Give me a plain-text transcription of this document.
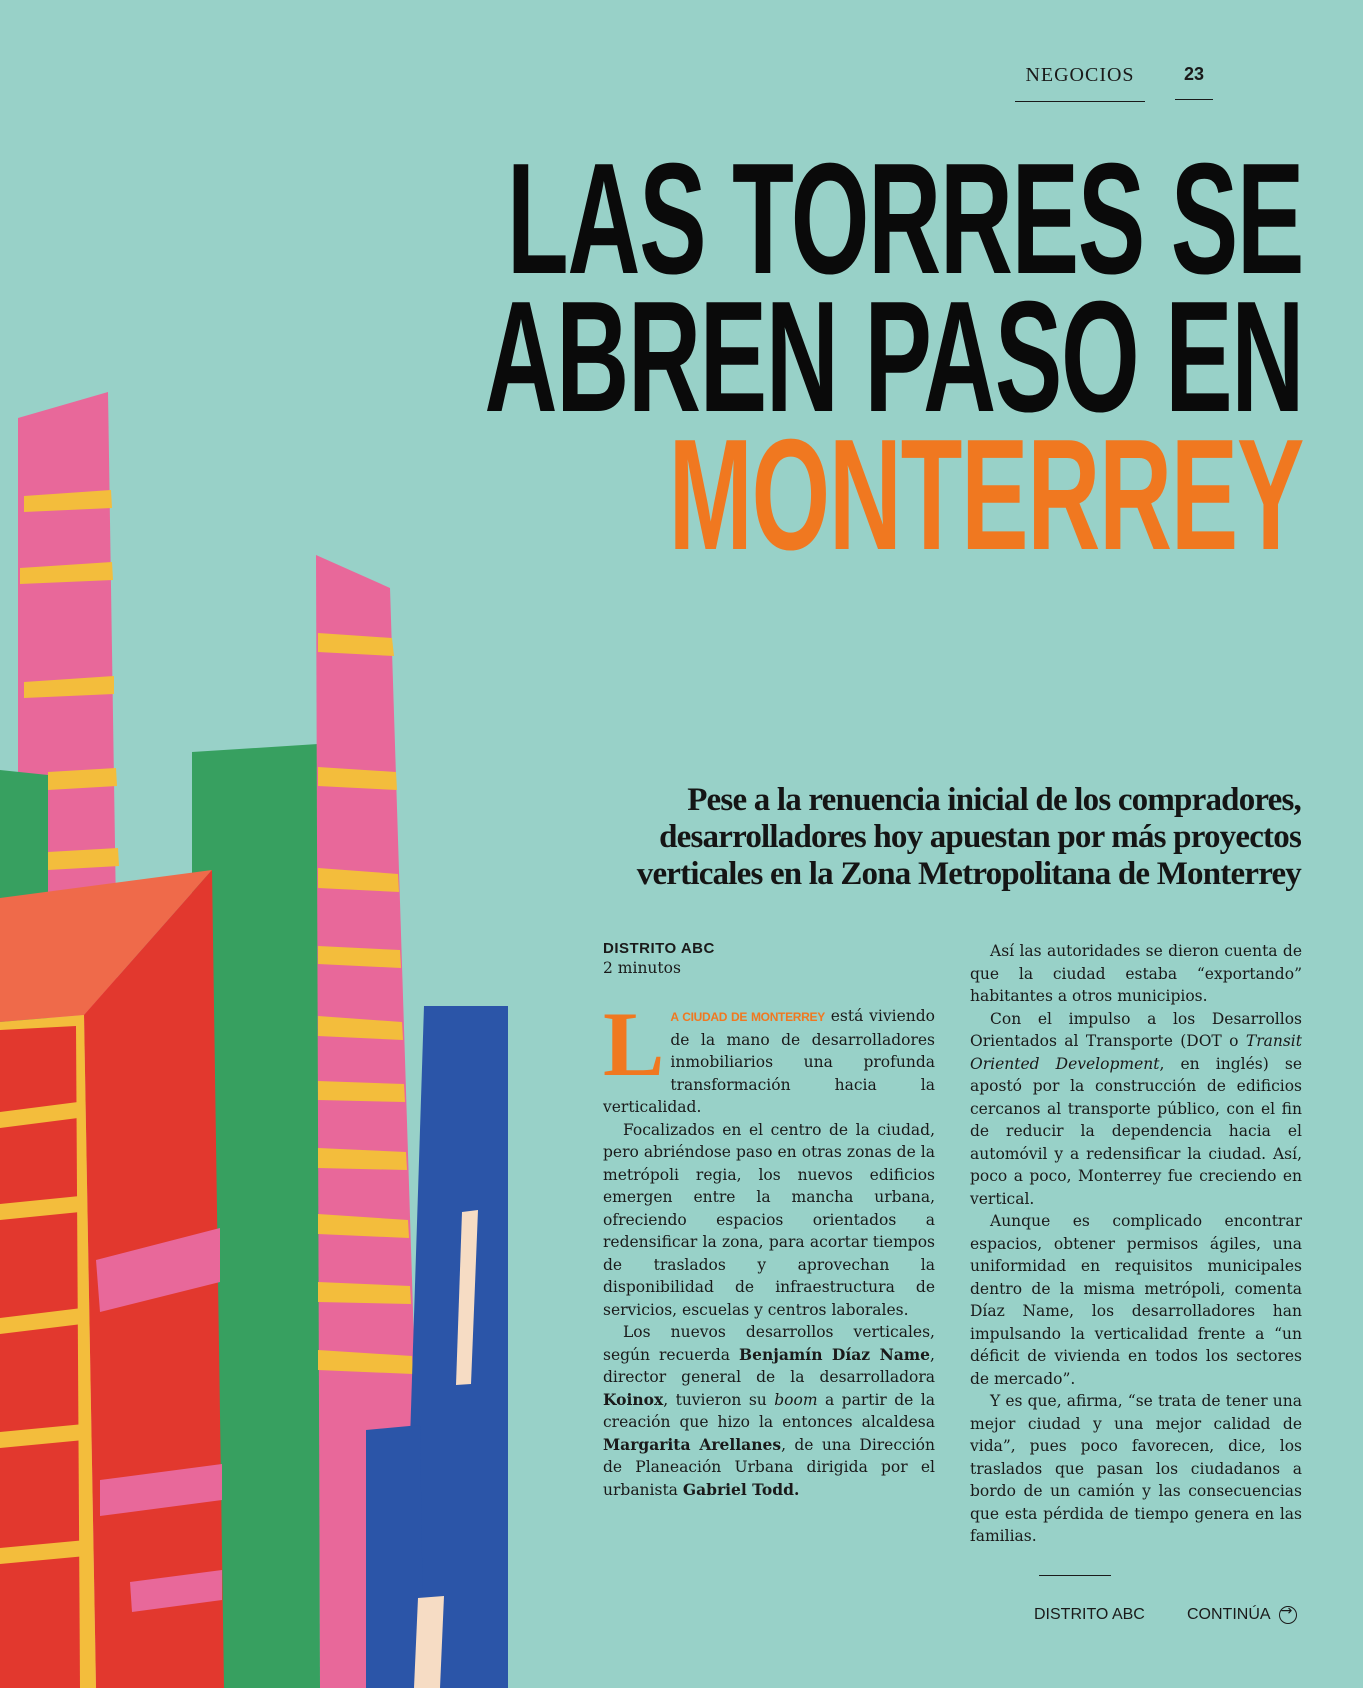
NEGOCIOS	23
LAS TORRES SE
ABREN PASO EN
MONTERREY

Pese a la renuencia inicial de los compradores, desarrolladores hoy apuestan por más proyectos verticales en la Zona Metropolitana de Monterrey

DISTRITO ABC
2 minutos

L A CIUDAD DE MONTERREY está viviendo de la mano de desarrolladores inmobiliarios una profunda transformación hacia la verticalidad.

Focalizados en el centro de la ciudad, pero abriéndose paso en otras zonas de la metrópoli regia, los nuevos edificios emergen entre la mancha urbana, ofreciendo espacios orientados a redensificar la zona, para acortar tiempos de traslados y aprovechan la disponibilidad de infraestructura de servicios, escuelas y centros laborales.

Los nuevos desarrollos verticales, según recuerda Benjamín Díaz Name, director general de la desarrolladora Koinox, tuvieron su boom a partir de la creación que hizo la entonces alcaldesa Margarita Arellanes, de una Dirección de Planeación Urbana dirigida por el urbanista Gabriel Todd.

Así las autoridades se dieron cuenta de que la ciudad estaba “exportando” habitantes a otros municipios.

Con el impulso a los Desarrollos Orientados al Transporte (DOT o Transit Oriented Development, en inglés) se apostó por la construcción de edificios cercanos al transporte público, con el fin de reducir la dependencia hacia el automóvil y a redensificar la ciudad. Así, poco a poco, Monterrey fue creciendo en vertical.

Aunque es complicado encontrar espacios, obtener permisos ágiles, una uniformidad en requisitos municipales dentro de la misma metrópoli, comenta Díaz Name, los desarrolladores han impulsando la verticalidad frente a “un déficit de vivienda en todos los sectores de mercado”.

Y es que, afirma, “se trata de tener una mejor ciudad y una mejor calidad de vida”, pues poco favorecen, dice, los traslados que pasan los ciudadanos a bordo de un camión y las consecuencias que esta pérdida de tiempo genera en las familias.

DISTRITO ABC	CONTINÚA
→
